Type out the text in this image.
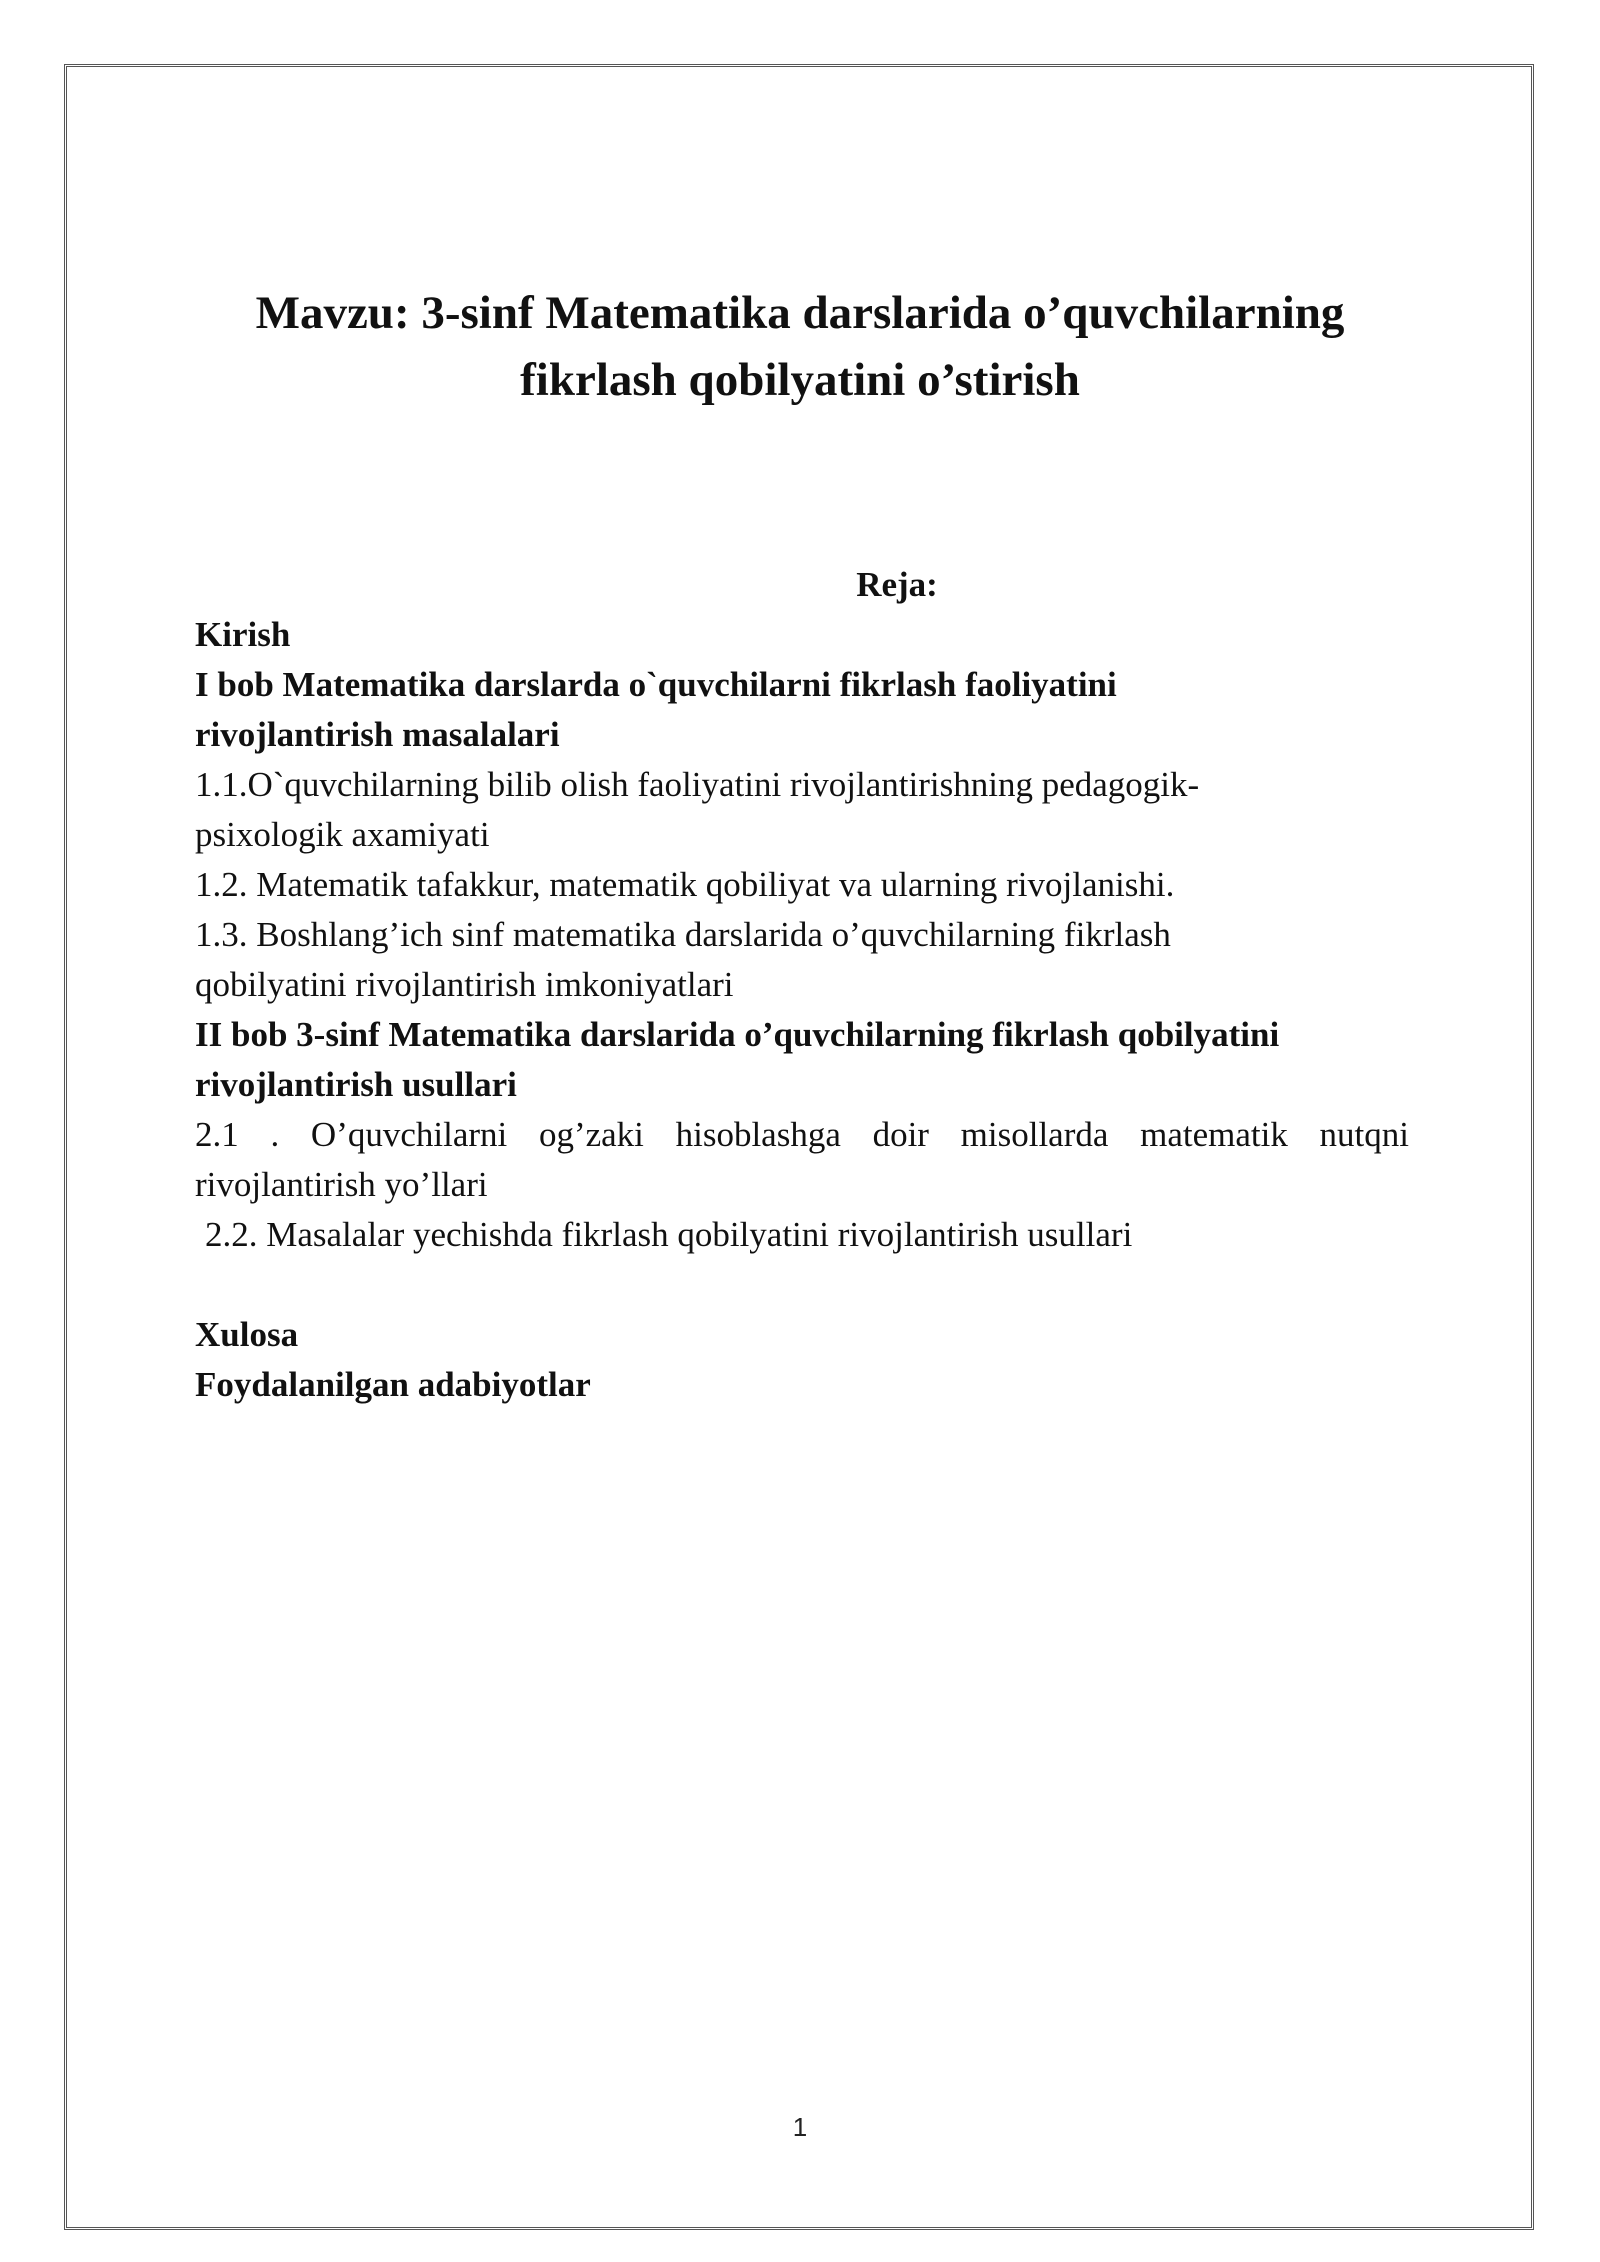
Mavzu: 3-sinf Matematika darslarida o’quvchilarning
fikrlash qobilyatini o’stirish

Reja:

Kirish

I bob Matematika darslarda o`quvchilarni fikrlash faoliyatini
rivojlantirish masalalari

1.1.O`quvchilarning bilib olish faoliyatini rivojlantirishning pedagogik-
psixologik axamiyati

1.2. Matematik tafakkur, matematik qobiliyat va ularning rivojlanishi.

1.3. Boshlang’ich sinf matematika darslarida o’quvchilarning fikrlash
qobilyatini rivojlantirish imkoniyatlari

II bob 3-sinf Matematika darslarida o’quvchilarning fikrlash qobilyatini
rivojlantirish usullari

2.1 . O’quvchilarni og’zaki hisoblashga doir misollarda matematik nutqni rivojlantirish yo’llari

2.2. Masalalar yechishda fikrlash qobilyatini rivojlantirish usullari

Xulosa

Foydalanilgan adabiyotlar

1
